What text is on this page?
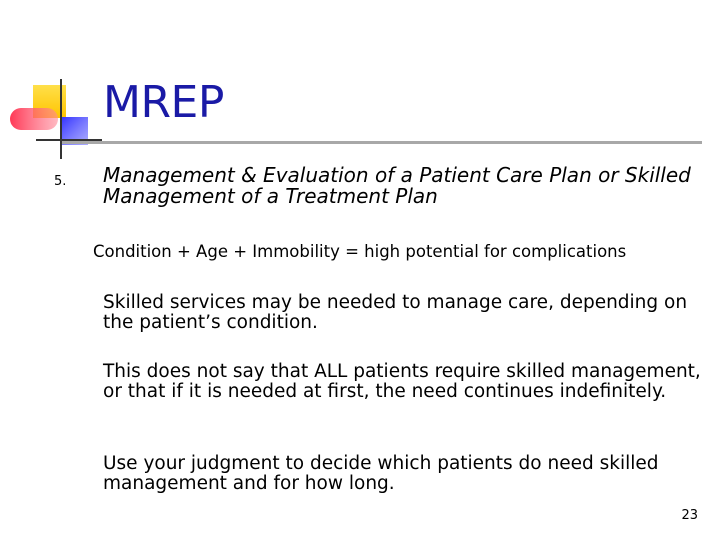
MREP
5. Management & Evaluation of a Patient Care Plan or Skilled Management of a Treatment Plan
Condition + Age + Immobility = high potential for complications
Skilled services may be needed to manage care, depending on the patient’s condition.
This does not say that ALL patients require skilled management, or that if it is needed at first, the need continues indefinitely.
Use your judgment to decide which patients do need skilled management and for how long.
23
